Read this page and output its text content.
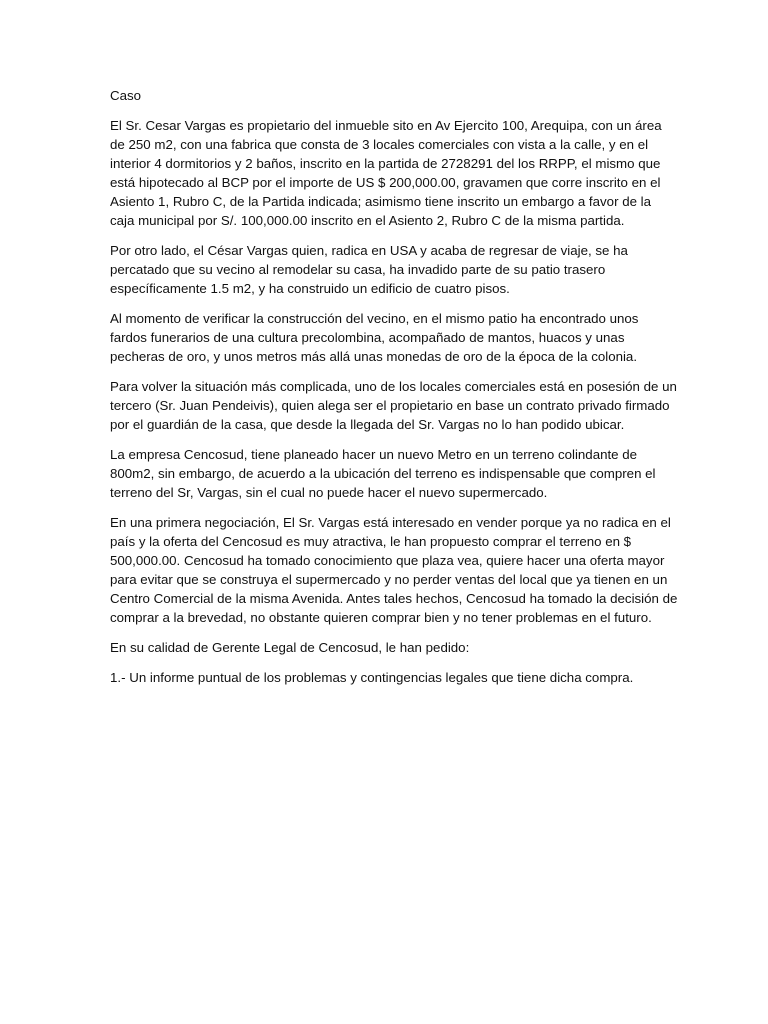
Caso

El Sr. Cesar Vargas es propietario del inmueble sito en Av Ejercito 100, Arequipa, con un área
de 250 m2, con una fabrica que consta de 3 locales comerciales con vista a la calle, y en el
interior 4 dormitorios y 2 baños, inscrito en la partida de 2728291 del los RRPP, el mismo que
está hipotecado al BCP por el importe de US $ 200,000.00, gravamen que corre inscrito en el
Asiento 1, Rubro C, de la Partida indicada; asimismo tiene inscrito un embargo a favor de la
caja municipal por S/. 100,000.00 inscrito en el Asiento 2, Rubro C de la misma partida.

Por otro lado, el César Vargas quien, radica en USA y acaba de regresar de viaje, se ha
percatado que su vecino al remodelar su casa, ha invadido parte de su patio trasero
específicamente 1.5 m2, y ha construido un edificio de cuatro pisos.

Al momento de verificar la construcción del vecino, en el mismo patio ha encontrado unos
fardos funerarios de una cultura precolombina, acompañado de mantos, huacos y unas
pecheras de oro, y unos metros más allá unas monedas de oro de la época de la colonia.

Para volver la situación más complicada, uno de los locales comerciales está en posesión de un
tercero (Sr. Juan Pendeivis), quien alega ser el propietario en base un contrato privado firmado
por el guardián de la casa, que desde la llegada del Sr. Vargas no lo han podido ubicar.

La empresa Cencosud, tiene planeado hacer un nuevo Metro en un terreno colindante de
800m2, sin embargo, de acuerdo a la ubicación del terreno es indispensable que compren el
terreno del Sr, Vargas, sin el cual no puede hacer el nuevo supermercado.

En una primera negociación, El Sr. Vargas está interesado en vender porque ya no radica en el
país y la oferta del Cencosud es muy atractiva, le han propuesto comprar el terreno en $
500,000.00. Cencosud ha tomado conocimiento que plaza vea, quiere hacer una oferta mayor
para evitar que se construya el supermercado y no perder ventas del local que ya tienen en un
Centro Comercial de la misma Avenida. Antes tales hechos, Cencosud ha tomado la decisión de
comprar a la brevedad, no obstante quieren comprar bien y no tener problemas en el futuro.

En su calidad de Gerente Legal de Cencosud, le han pedido:

1.- Un informe puntual de los problemas y contingencias legales que tiene dicha compra.
